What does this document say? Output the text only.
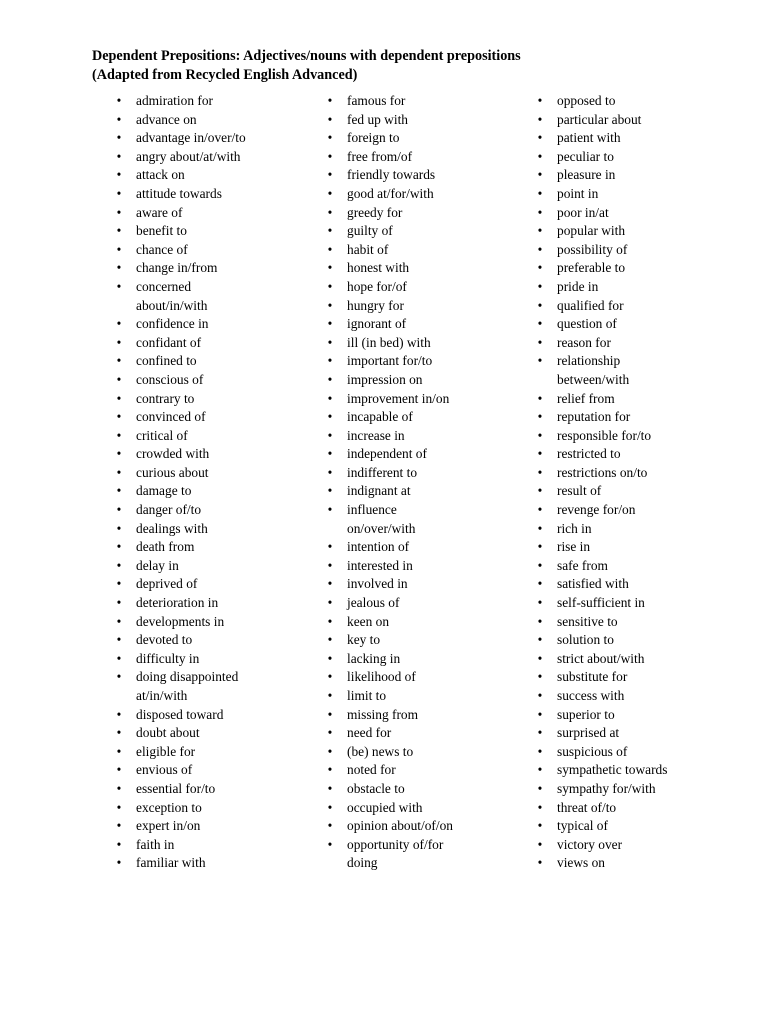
Dependent Prepositions: Adjectives/nouns with dependent prepositions
(Adapted from Recycled English Advanced)
• admiration for
• advance on
• advantage in/over/to
• angry about/at/with
• attack on
• attitude towards
• aware of
• benefit to
• chance of
• change in/from
• concerned
about/in/with
• confidence in
• confidant of
• confined to
• conscious of
• contrary to
• convinced of
• critical of
• crowded with
• curious about
• damage to
• danger of/to
• dealings with
• death from
• delay in
• deprived of
• deterioration in
• developments in
• devoted to
• difficulty in
• doing disappointed
at/in/with
• disposed toward
• doubt about
• eligible for
• envious of
• essential for/to
• exception to
• expert in/on
• faith in
• familiar with
• famous for
• fed up with
• foreign to
• free from/of
• friendly towards
• good at/for/with
• greedy for
• guilty of
• habit of
• honest with
• hope for/of
• hungry for
• ignorant of
• ill (in bed) with
• important for/to
• impression on
• improvement in/on
• incapable of
• increase in
• independent of
• indifferent to
• indignant at
• influence
on/over/with
• intention of
• interested in
• involved in
• jealous of
• keen on
• key to
• lacking in
• likelihood of
• limit to
• missing from
• need for
• (be) news to
• noted for
• obstacle to
• occupied with
• opinion about/of/on
• opportunity of/for
doing
• opposed to
• particular about
• patient with
• peculiar to
• pleasure in
• point in
• poor in/at
• popular with
• possibility of
• preferable to
• pride in
• qualified for
• question of
• reason for
• relationship
between/with
• relief from
• reputation for
• responsible for/to
• restricted to
• restrictions on/to
• result of
• revenge for/on
• rich in
• rise in
• safe from
• satisfied with
• self-sufficient in
• sensitive to
• solution to
• strict about/with
• substitute for
• success with
• superior to
• surprised at
• suspicious of
• sympathetic towards
• sympathy for/with
• threat of/to
• typical of
• victory over
• views on
